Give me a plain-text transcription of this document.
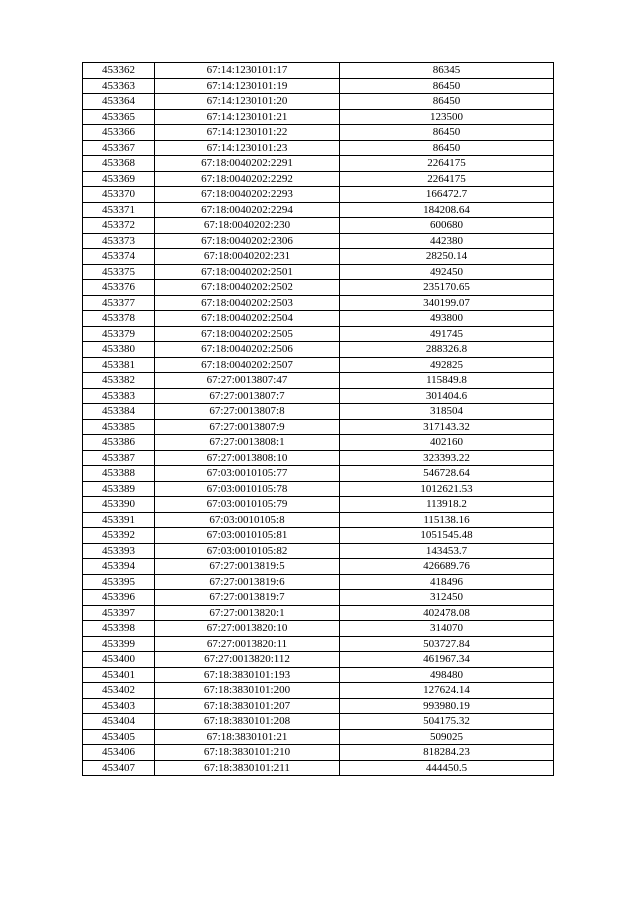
453362	67:14:1230101:17	86345
453363	67:14:1230101:19	86450
453364	67:14:1230101:20	86450
453365	67:14:1230101:21	123500
453366	67:14:1230101:22	86450
453367	67:14:1230101:23	86450
453368	67:18:0040202:2291	2264175
453369	67:18:0040202:2292	2264175
453370	67:18:0040202:2293	166472.7
453371	67:18:0040202:2294	184208.64
453372	67:18:0040202:230	600680
453373	67:18:0040202:2306	442380
453374	67:18:0040202:231	28250.14
453375	67:18:0040202:2501	492450
453376	67:18:0040202:2502	235170.65
453377	67:18:0040202:2503	340199.07
453378	67:18:0040202:2504	493800
453379	67:18:0040202:2505	491745
453380	67:18:0040202:2506	288326.8
453381	67:18:0040202:2507	492825
453382	67:27:0013807:47	115849.8
453383	67:27:0013807:7	301404.6
453384	67:27:0013807:8	318504
453385	67:27:0013807:9	317143.32
453386	67:27:0013808:1	402160
453387	67:27:0013808:10	323393.22
453388	67:03:0010105:77	546728.64
453389	67:03:0010105:78	1012621.53
453390	67:03:0010105:79	113918.2
453391	67:03:0010105:8	115138.16
453392	67:03:0010105:81	1051545.48
453393	67:03:0010105:82	143453.7
453394	67:27:0013819:5	426689.76
453395	67:27:0013819:6	418496
453396	67:27:0013819:7	312450
453397	67:27:0013820:1	402478.08
453398	67:27:0013820:10	314070
453399	67:27:0013820:11	503727.84
453400	67:27:0013820:112	461967.34
453401	67:18:3830101:193	498480
453402	67:18:3830101:200	127624.14
453403	67:18:3830101:207	993980.19
453404	67:18:3830101:208	504175.32
453405	67:18:3830101:21	509025
453406	67:18:3830101:210	818284.23
453407	67:18:3830101:211	444450.5
